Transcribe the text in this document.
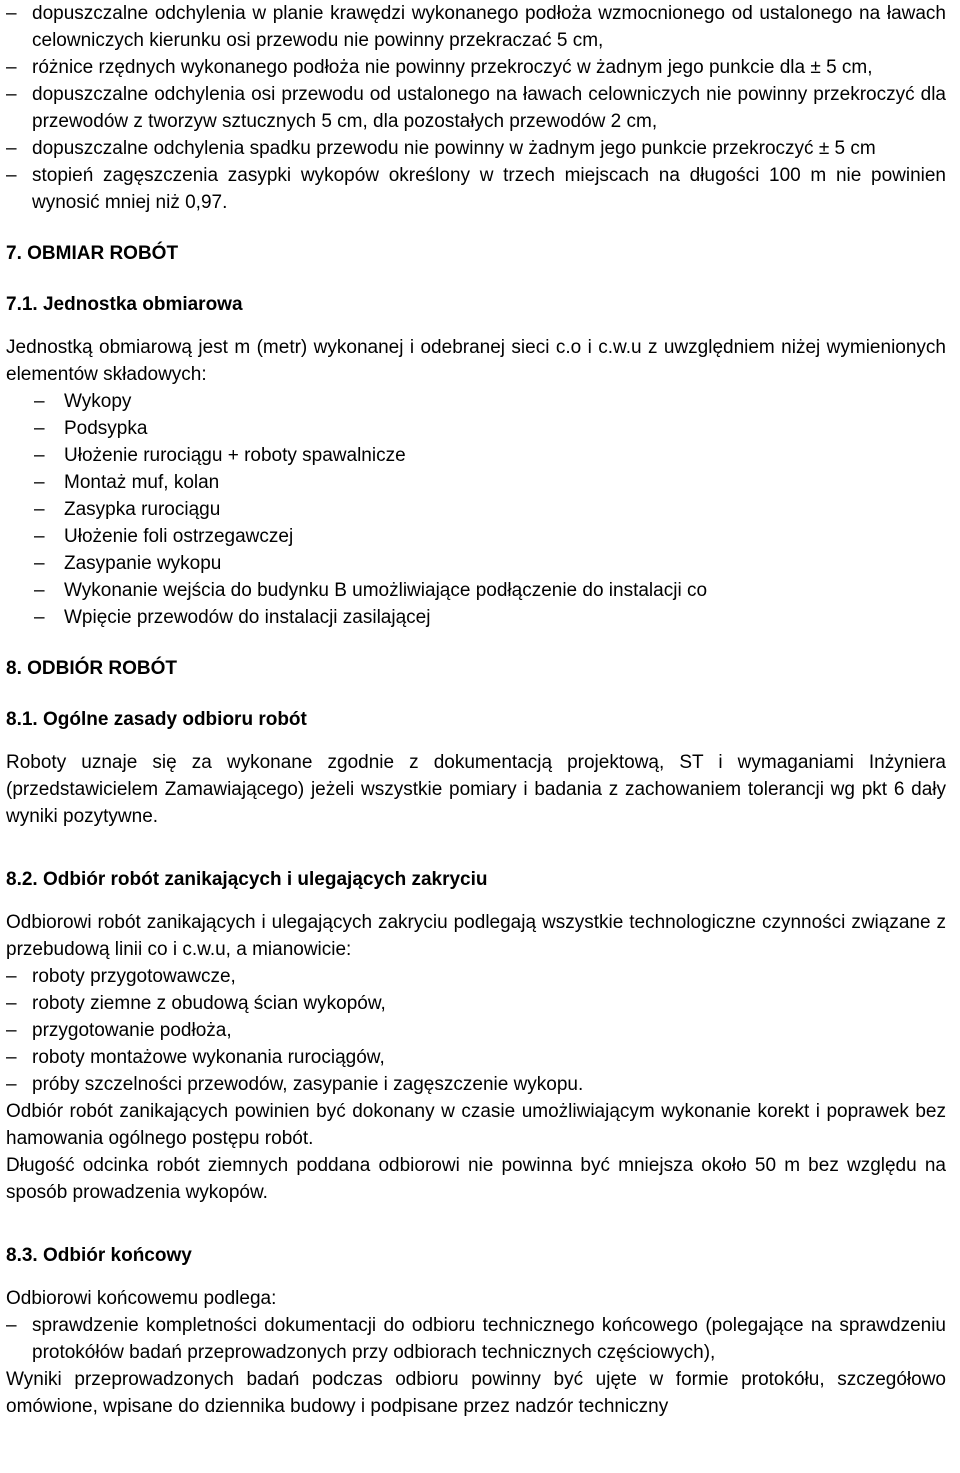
– dopuszczalne odchylenia w planie krawędzi wykonanego podłoża wzmocnionego od ustalonego na ławach celowniczych kierunku osi przewodu nie powinny przekraczać 5 cm,
– różnice rzędnych wykonanego podłoża nie powinny przekroczyć w żadnym jego punkcie dla ± 5 cm,
– dopuszczalne odchylenia osi przewodu od ustalonego na ławach celowniczych nie powinny przekroczyć dla przewodów z tworzyw sztucznych 5 cm, dla pozostałych przewodów 2 cm,
– dopuszczalne odchylenia spadku przewodu nie powinny w żadnym jego punkcie przekroczyć ± 5 cm
– stopień zagęszczenia zasypki wykopów określony w trzech miejscach na długości 100 m nie powinien wynosić mniej niż 0,97.

7. OBMIAR ROBÓT

7.1. Jednostka obmiarowa

Jednostką obmiarową jest m (metr) wykonanej i odebranej sieci c.o i c.w.u z uwzględniem niżej wymienionych elementów składowych:

–	Wykopy
–	Podsypka
–	Ułożenie rurociągu + roboty spawalnicze
–	Montaż muf, kolan
–	Zasypka rurociągu
–	Ułożenie foli ostrzegawczej
–	Zasypanie wykopu
–	Wykonanie wejścia do budynku B umożliwiające podłączenie do instalacji co
–	Wpięcie przewodów do instalacji zasilającej

8. ODBIÓR ROBÓT

8.1. Ogólne zasady odbioru robót

Roboty uznaje się za wykonane zgodnie z dokumentacją projektową, ST i wymaganiami Inżyniera (przedstawicielem Zamawiającego) jeżeli wszystkie pomiary i badania z zachowaniem tolerancji wg pkt 6 dały wyniki pozytywne.

8.2. Odbiór robót zanikających i ulegających zakryciu

Odbiorowi robót zanikających i ulegających zakryciu podlegają wszystkie technologiczne czynności związane z przebudową linii co i c.w.u, a mianowicie:

– roboty przygotowawcze,
– roboty ziemne z obudową ścian wykopów,
– przygotowanie podłoża,
– roboty montażowe wykonania rurociągów,
– próby szczelności przewodów, zasypanie i zagęszczenie wykopu.

Odbiór robót zanikających powinien być dokonany w czasie umożliwiającym wykonanie korekt i poprawek bez hamowania ogólnego postępu robót.

Długość odcinka robót ziemnych poddana odbiorowi nie powinna być mniejsza około 50 m bez względu na sposób prowadzenia wykopów.

8.3. Odbiór końcowy

Odbiorowi końcowemu podlega:

– sprawdzenie kompletności dokumentacji do odbioru technicznego końcowego (polegające na sprawdzeniu protokółów badań przeprowadzonych przy odbiorach technicznych częściowych),

Wyniki przeprowadzonych badań podczas odbioru powinny być ujęte w formie protokółu, szczegółowo omówione, wpisane do dziennika budowy i podpisane przez nadzór techniczny
